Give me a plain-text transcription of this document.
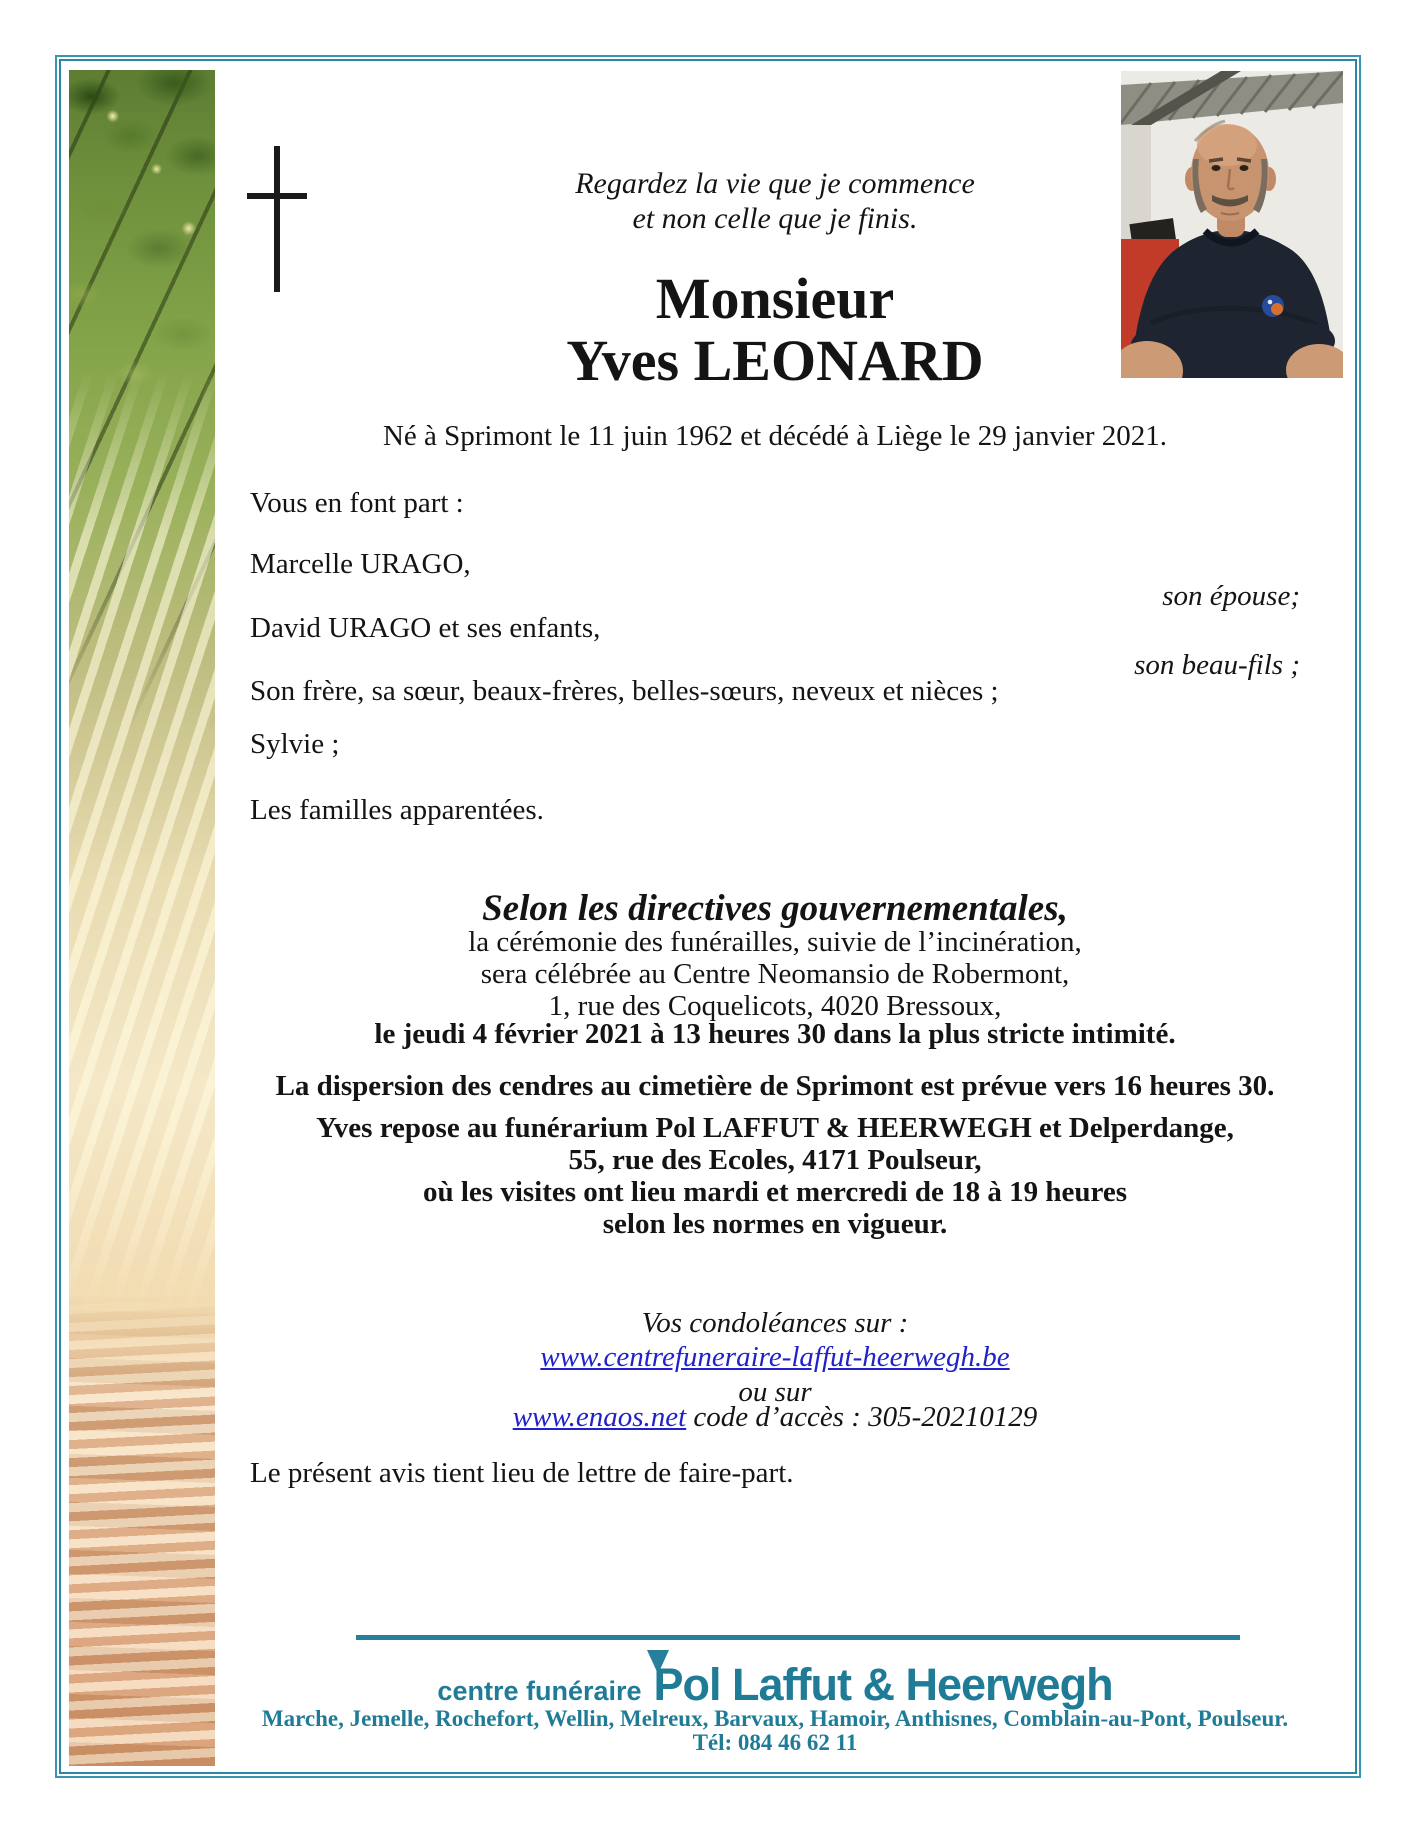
Regardez la vie que je commence
et non celle que je finis.
Monsieur
Yves LEONARD
Né à Sprimont le 11 juin 1962 et décédé à Liège le 29 janvier 2021.
Vous en font part :
Marcelle URAGO,
son épouse;
David URAGO et ses enfants,
son beau-fils ;
Son frère, sa sœur, beaux-frères, belles-sœurs, neveux et nièces ;
Sylvie ;
Les familles apparentées.
Selon les directives gouvernementales,
la cérémonie des funérailles, suivie de l’incinération,
sera célébrée au Centre Neomansio de Robermont,
1, rue des Coquelicots, 4020 Bressoux,
le jeudi 4 février 2021 à 13 heures 30 dans la plus stricte intimité.
La dispersion des cendres au cimetière de Sprimont est prévue vers 16 heures 30.
Yves repose au funérarium Pol LAFFUT & HEERWEGH et Delperdange,
55, rue des Ecoles, 4171 Poulseur,
où les visites ont lieu mardi et mercredi de 18 à 19 heures
selon les normes en vigueur.
Vos condoléances sur :
www.centrefuneraire-laffut-heerwegh.be
ou sur
www.enaos.net code d’accès : 305-20210129
Le présent avis tient lieu de lettre de faire-part.
centre funéraire Pol Laffut & Heerwegh
Marche, Jemelle, Rochefort, Wellin, Melreux, Barvaux, Hamoir, Anthisnes, Comblain-au-Pont, Poulseur.
Tél: 084 46 62 11
